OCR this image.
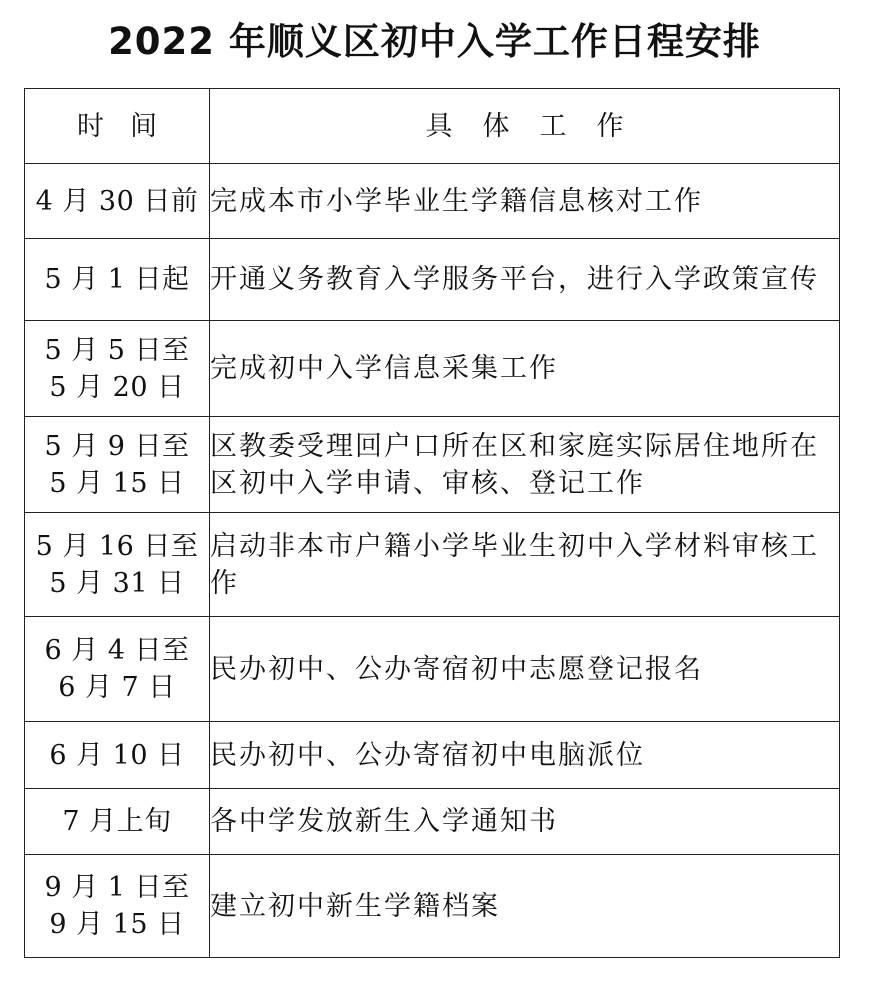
2022 年顺义区初中入学工作日程安排
时间	具体工作
4 月 30 日前	完成本市小学毕业生学籍信息核对工作
5 月 1 日起	开通义务教育入学服务平台，进行入学政策宣传
5 月 5 日至
5 月 20 日	完成初中入学信息采集工作
5 月 9 日至
5 月 15 日	区教委受理回户口所在区和家庭实际居住地所在区初中入学申请、审核、登记工作
5 月 16 日至
5 月 31 日	启动非本市户籍小学毕业生初中入学材料审核工作
6 月 4 日至
6 月 7 日	民办初中、公办寄宿初中志愿登记报名
6 月 10 日	民办初中、公办寄宿初中电脑派位
7 月上旬	各中学发放新生入学通知书
9 月 1 日至
9 月 15 日	建立初中新生学籍档案
